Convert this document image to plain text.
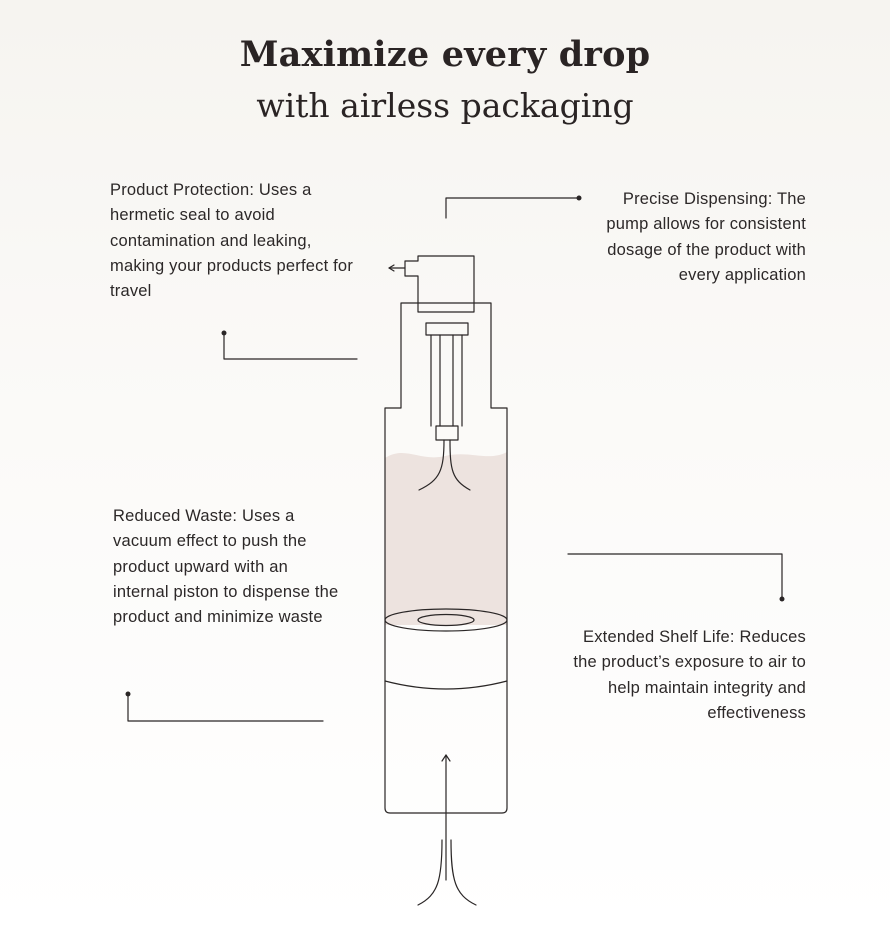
Maximize every drop
with airless packaging

Product Protection: Uses a hermetic seal to avoid contamination and leaking, making your products perfect for travel

Precise Dispensing: The pump allows for consistent dosage of the product with every application

Reduced Waste: Uses a vacuum effect to push the product upward with an internal piston to dispense the product and minimize waste

Extended Shelf Life: Reduces the product’s exposure to air to help maintain integrity and effectiveness
